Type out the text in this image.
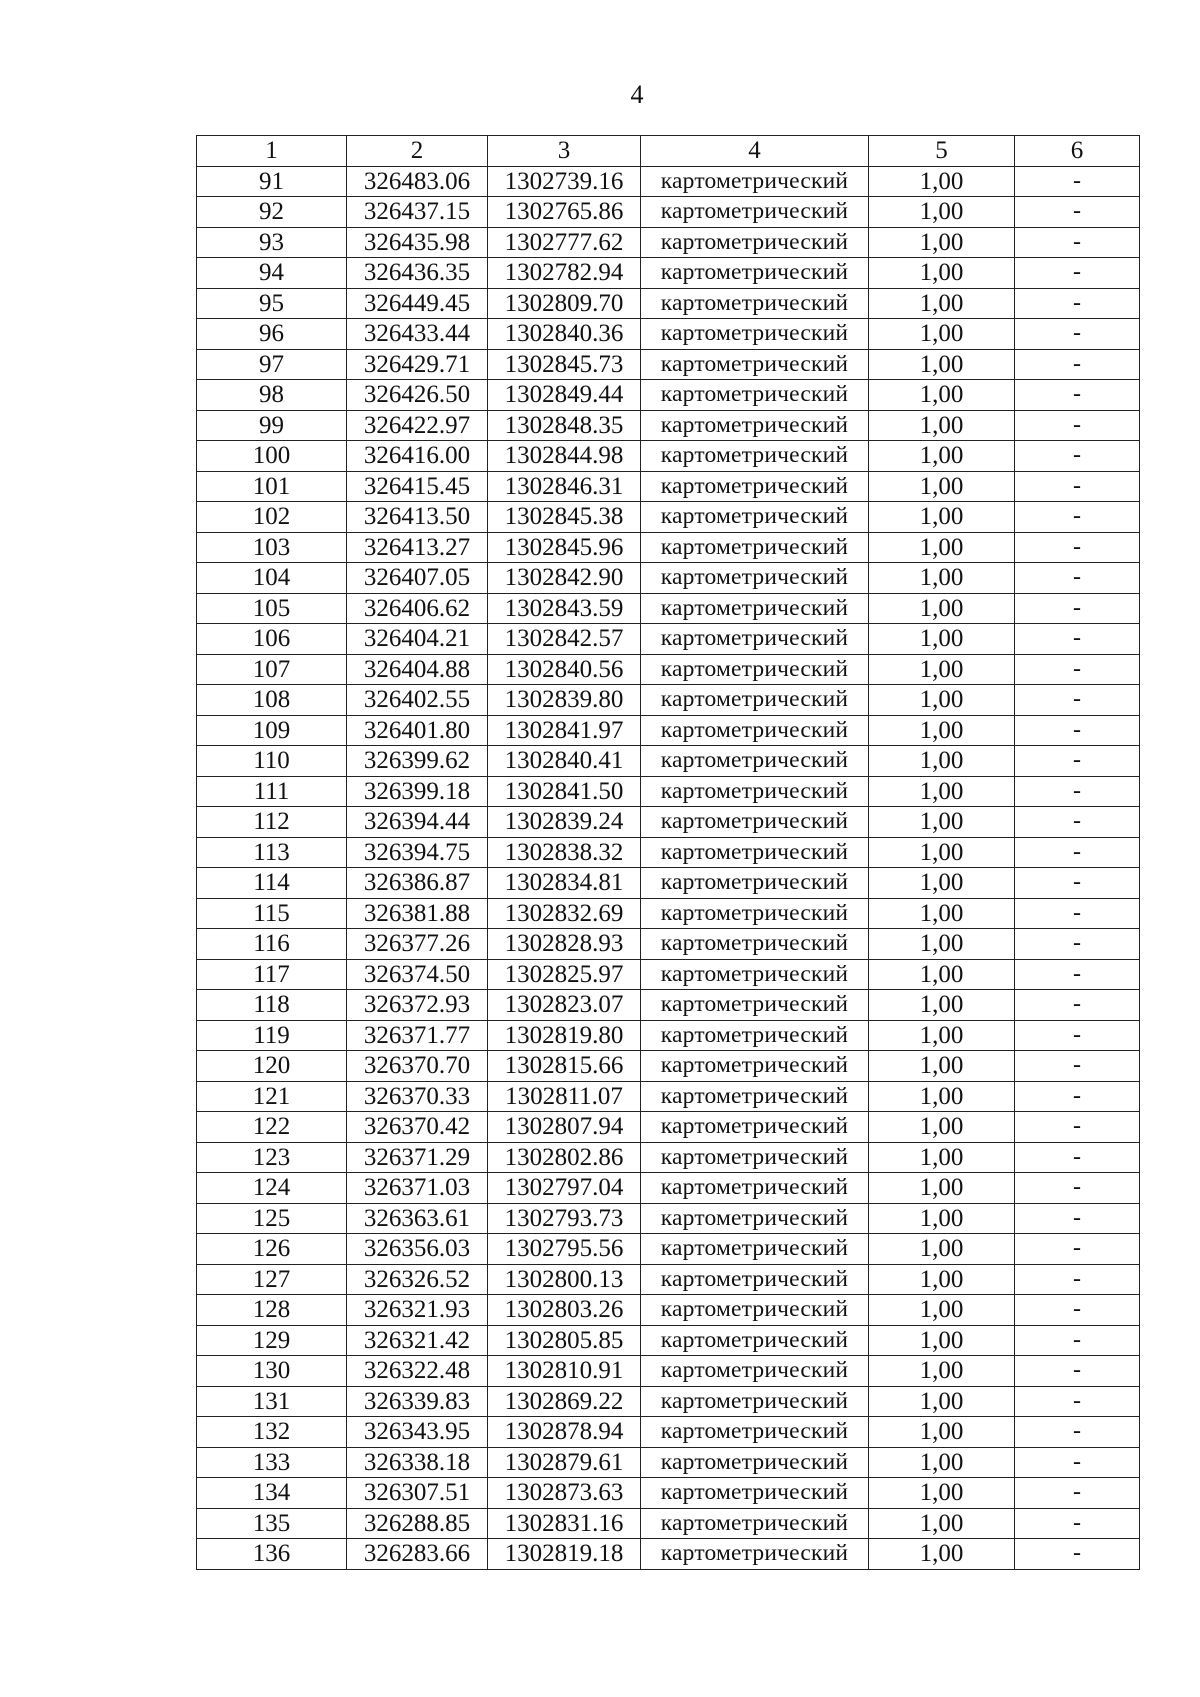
4
1	2	3	4	5	6
91	326483.06	1302739.16	картометрический	1,00	-
92	326437.15	1302765.86	картометрический	1,00	-
93	326435.98	1302777.62	картометрический	1,00	-
94	326436.35	1302782.94	картометрический	1,00	-
95	326449.45	1302809.70	картометрический	1,00	-
96	326433.44	1302840.36	картометрический	1,00	-
97	326429.71	1302845.73	картометрический	1,00	-
98	326426.50	1302849.44	картометрический	1,00	-
99	326422.97	1302848.35	картометрический	1,00	-
100	326416.00	1302844.98	картометрический	1,00	-
101	326415.45	1302846.31	картометрический	1,00	-
102	326413.50	1302845.38	картометрический	1,00	-
103	326413.27	1302845.96	картометрический	1,00	-
104	326407.05	1302842.90	картометрический	1,00	-
105	326406.62	1302843.59	картометрический	1,00	-
106	326404.21	1302842.57	картометрический	1,00	-
107	326404.88	1302840.56	картометрический	1,00	-
108	326402.55	1302839.80	картометрический	1,00	-
109	326401.80	1302841.97	картометрический	1,00	-
110	326399.62	1302840.41	картометрический	1,00	-
111	326399.18	1302841.50	картометрический	1,00	-
112	326394.44	1302839.24	картометрический	1,00	-
113	326394.75	1302838.32	картометрический	1,00	-
114	326386.87	1302834.81	картометрический	1,00	-
115	326381.88	1302832.69	картометрический	1,00	-
116	326377.26	1302828.93	картометрический	1,00	-
117	326374.50	1302825.97	картометрический	1,00	-
118	326372.93	1302823.07	картометрический	1,00	-
119	326371.77	1302819.80	картометрический	1,00	-
120	326370.70	1302815.66	картометрический	1,00	-
121	326370.33	1302811.07	картометрический	1,00	-
122	326370.42	1302807.94	картометрический	1,00	-
123	326371.29	1302802.86	картометрический	1,00	-
124	326371.03	1302797.04	картометрический	1,00	-
125	326363.61	1302793.73	картометрический	1,00	-
126	326356.03	1302795.56	картометрический	1,00	-
127	326326.52	1302800.13	картометрический	1,00	-
128	326321.93	1302803.26	картометрический	1,00	-
129	326321.42	1302805.85	картометрический	1,00	-
130	326322.48	1302810.91	картометрический	1,00	-
131	326339.83	1302869.22	картометрический	1,00	-
132	326343.95	1302878.94	картометрический	1,00	-
133	326338.18	1302879.61	картометрический	1,00	-
134	326307.51	1302873.63	картометрический	1,00	-
135	326288.85	1302831.16	картометрический	1,00	-
136	326283.66	1302819.18	картометрический	1,00	-
